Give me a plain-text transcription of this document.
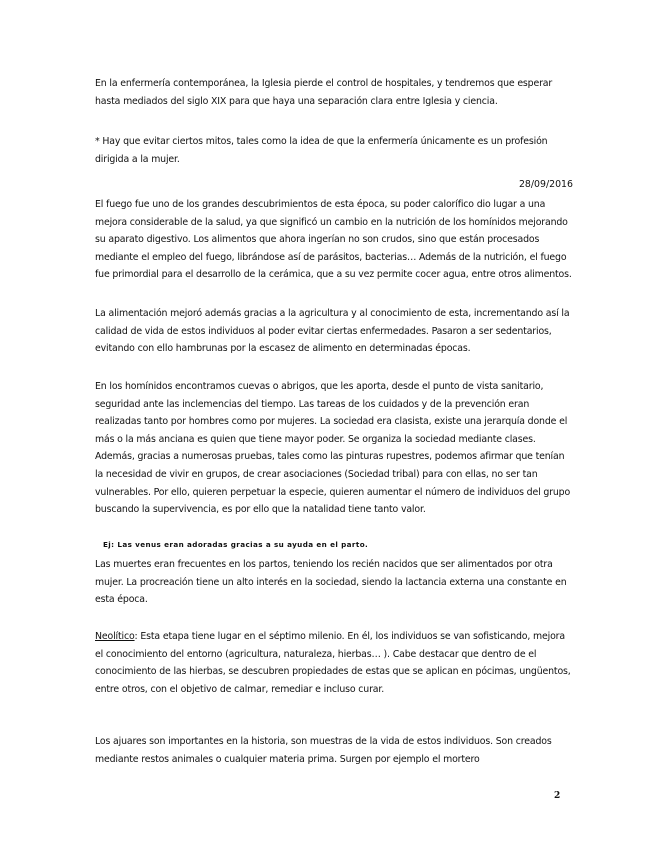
En la enfermería contemporánea, la Iglesia pierde el control de hospitales, y tendremos que esperar hasta mediados del siglo XIX para que haya una separación clara entre Iglesia y ciencia.

* Hay que evitar ciertos mitos, tales como la idea de que la enfermería únicamente es un profesión dirigida a la mujer.

28/09/2016

El fuego fue uno de los grandes descubrimientos de esta época, su poder calorífico dio lugar a una mejora considerable de la salud, ya que significó un cambio en la nutrición de los homínidos mejorando su aparato digestivo. Los alimentos que ahora ingerían no son crudos, sino que están procesados mediante el empleo del fuego, librándose así de parásitos, bacterias… Además de la nutrición, el fuego fue primordial para el desarrollo de la cerámica, que a su vez permite cocer agua, entre otros alimentos.

La alimentación mejoró además gracias a la agricultura y al conocimiento de esta, incrementando así la calidad de vida de estos individuos al poder evitar ciertas enfermedades. Pasaron a ser sedentarios, evitando con ello hambrunas por la escasez de alimento en determinadas épocas.

En los homínidos encontramos cuevas o abrigos, que les aporta, desde el punto de vista sanitario, seguridad ante las inclemencias del tiempo. Las tareas de los cuidados y de la prevención eran realizadas tanto por hombres como por mujeres. La sociedad era clasista, existe una jerarquía donde el más o la más anciana es quien que tiene mayor poder. Se organiza la sociedad mediante clases. Además, gracias a numerosas pruebas, tales como las pinturas rupestres, podemos afirmar que tenían la necesidad de vivir en grupos, de crear asociaciones (Sociedad tribal) para con ellas, no ser tan vulnerables. Por ello, quieren perpetuar la especie, quieren aumentar el número de individuos del grupo buscando la supervivencia, es por ello que la natalidad tiene tanto valor.

Ej: Las venus eran adoradas gracias a su ayuda en el parto.

Las muertes eran frecuentes en los partos, teniendo los recién nacidos que ser alimentados por otra mujer. La procreación tiene un alto interés en la sociedad, siendo la lactancia externa una constante en esta época.

Neolítico: Esta etapa tiene lugar en el séptimo milenio. En él, los individuos se van sofisticando, mejora el conocimiento del entorno (agricultura, naturaleza, hierbas… ). Cabe destacar que dentro de el conocimiento de las hierbas, se descubren propiedades de estas que se aplican en pócimas, ungüentos, entre otros, con el objetivo de calmar, remediar e incluso curar.

Los ajuares son importantes en la historia, son muestras de la vida de estos individuos. Son creados mediante restos animales o cualquier materia prima. Surgen por ejemplo el mortero

2
